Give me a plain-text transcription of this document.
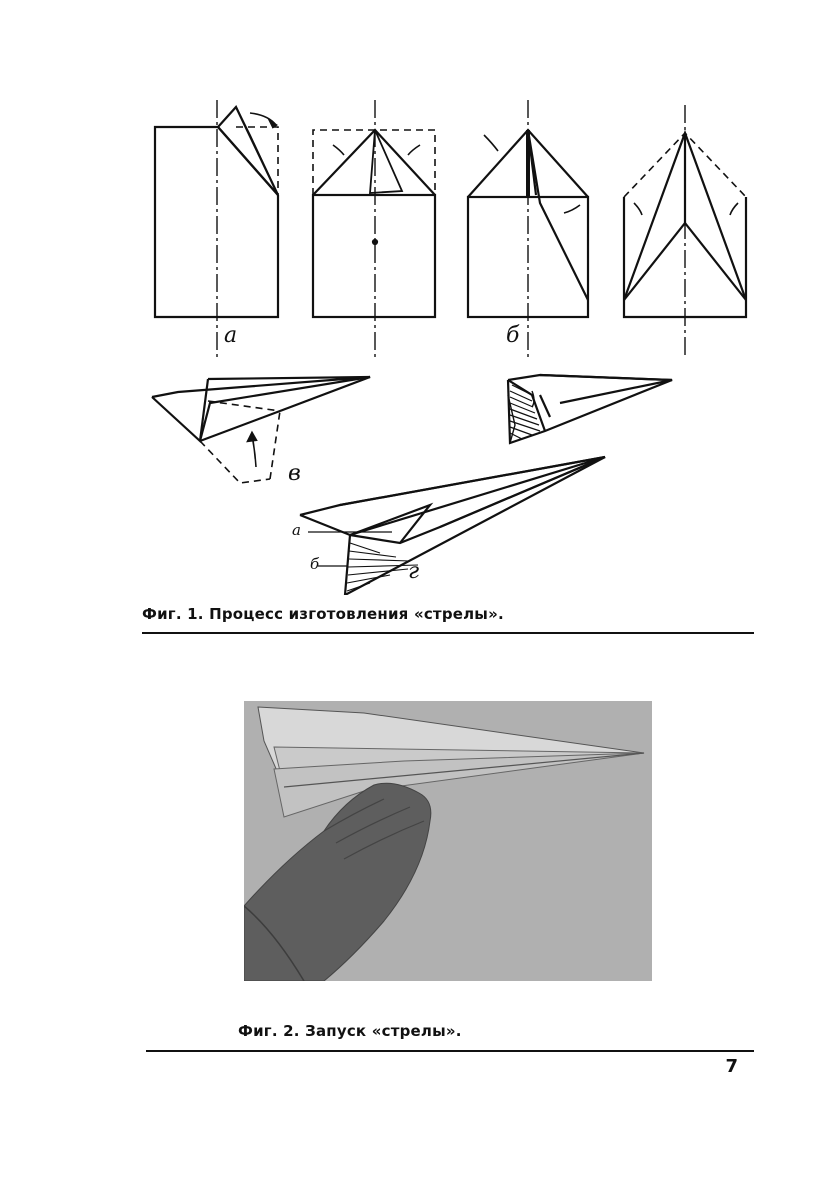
а	б
в
г
а
б
Фиг. 1. Процесс изготовления «стрелы».
Фиг. 2. Запуск «стрелы».
7
